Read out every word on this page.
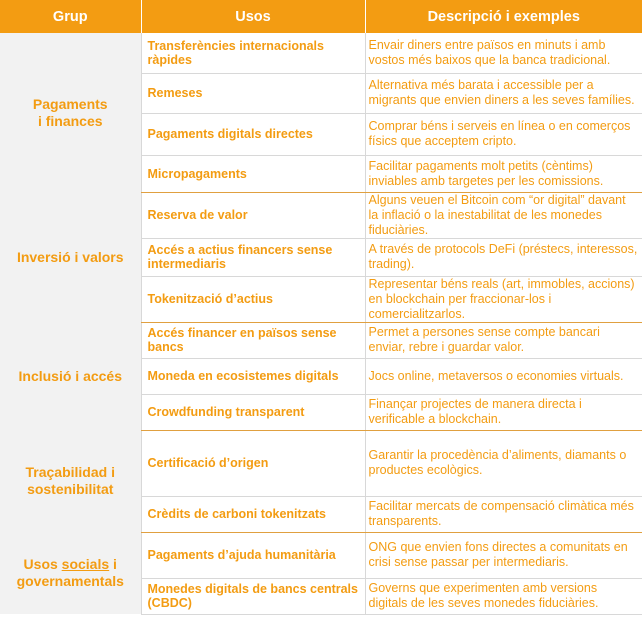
Grup	Usos	Descripció i exemples
Pagaments
i finances	Transferències internacionals ràpides	Envair diners entre països en minuts i amb vostos més baixos que la banca tradicional.
	Remeses	Alternativa més barata i accessible per a migrants que envien diners a les seves famílies.
	Pagaments digitals directes	Comprar béns i serveis en línea o en comerços físics que acceptem cripto.
	Micropagaments	Facilitar pagaments molt petits (cèntims) inviables amb targetes per les comissions.
Inversió i valors	Reserva de valor	Alguns veuen el Bitcoin com “or digital” davant la inflació o la inestabilitat de les monedes fiduciàries.
	Accés a actius financers sense intermediaris	A través de protocols DeFi (préstecs, interessos, trading).
	Tokenització d’actius	Representar béns reals (art, immobles, accions) en blockchain per fraccionar-los i comercialitzarlos.
Inclusió i accés	Accés financer en països sense bancs	Permet a persones sense compte bancari enviar, rebre i guardar valor.
	Moneda en ecosistemes digitals	Jocs online, metaversos o economies virtuals.
	Crowdfunding transparent	Finançar projectes de manera directa i verificable a blockchain.
Traçabilidad i
sostenibilitat	Certificació d’origen	Garantir la procedència d’aliments, diamants o productes ecològics.
	Crèdits de carboni tokenitzats	Facilitar mercats de compensació climàtica més transparents.
Usos socials i
governamentals	Pagaments d’ajuda humanitària	ONG que envien fons directes a comunitats en crisi sense passar per intermediaris.
	Monedes digitals de bancs centrals (CBDC)	Governs que experimenten amb versions digitals de les seves monedes fiduciàries.
